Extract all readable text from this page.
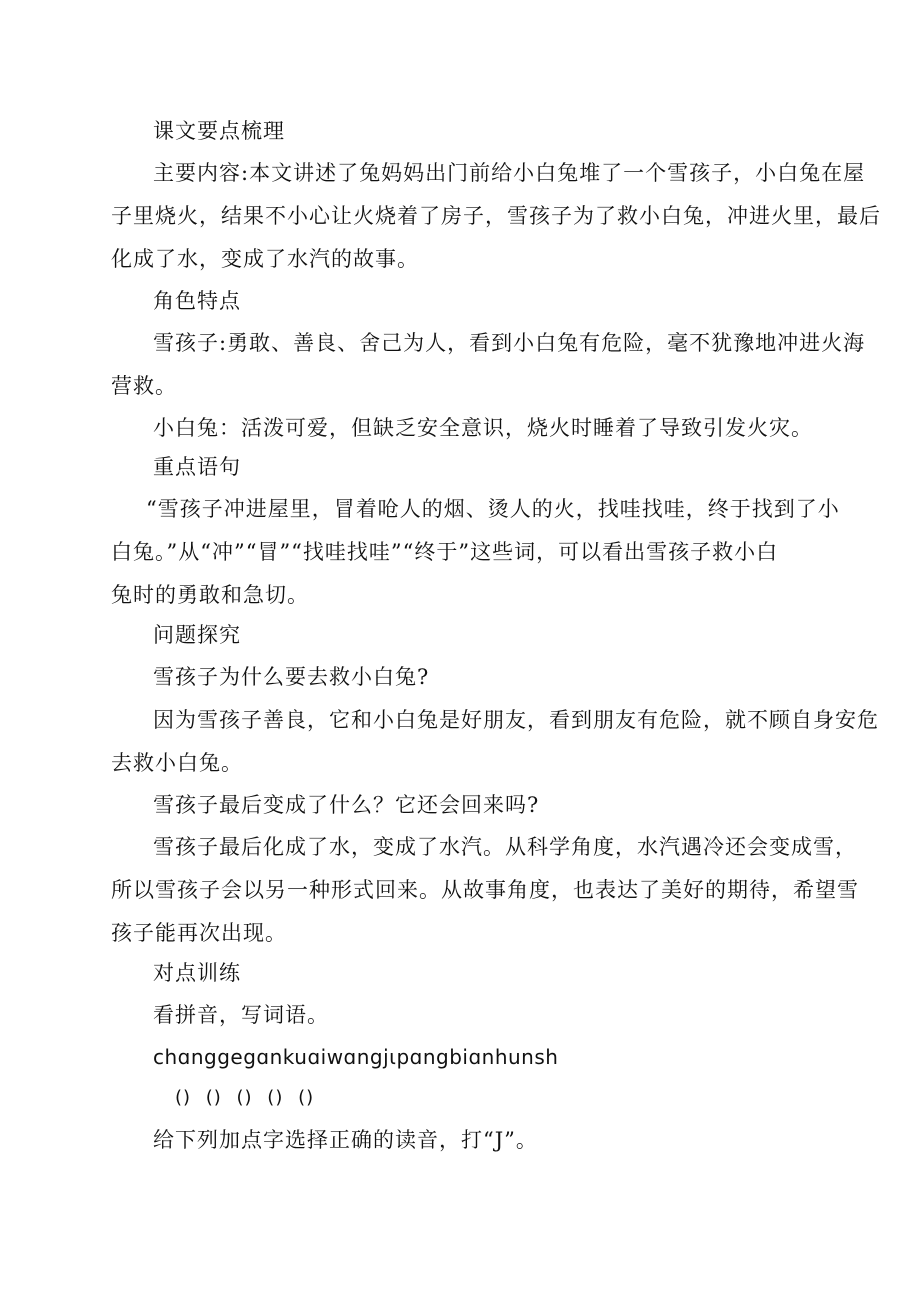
课文要点梳理
主要内容:本文讲述了兔妈妈出门前给小白兔堆了一个雪孩子，小白兔在屋
子里烧火，结果不小心让火烧着了房子，雪孩子为了救小白兔，冲进火里，最后
化成了水，变成了水汽的故事。
角色特点
雪孩子:勇敢、善良、舍己为人，看到小白兔有危险，毫不犹豫地冲进火海
营救。
小白兔：活泼可爱，但缺乏安全意识，烧火时睡着了导致引发火灾。
重点语句
“雪孩子冲进屋里，冒着呛人的烟、烫人的火，找哇找哇，终于找到了小
白兔。”从“冲”“冒”“找哇找哇”“终于”这些词，可以看出雪孩子救小白
兔时的勇敢和急切。
问题探究
雪孩子为什么要去救小白兔?
因为雪孩子善良，它和小白兔是好朋友，看到朋友有危险，就不顾自身安危
去救小白兔。
雪孩子最后变成了什么？它还会回来吗?
雪孩子最后化成了水，变成了水汽。从科学角度，水汽遇冷还会变成雪，
所以雪孩子会以另一种形式回来。从故事角度，也表达了美好的期待，希望雪
孩子能再次出现。
对点训练
看拼音，写词语。
chɑnggegɑnkuɑiwɑngjιpɑngbiɑnhunsh
() () () () ()
给下列加点字选择正确的读音，打“J”。
